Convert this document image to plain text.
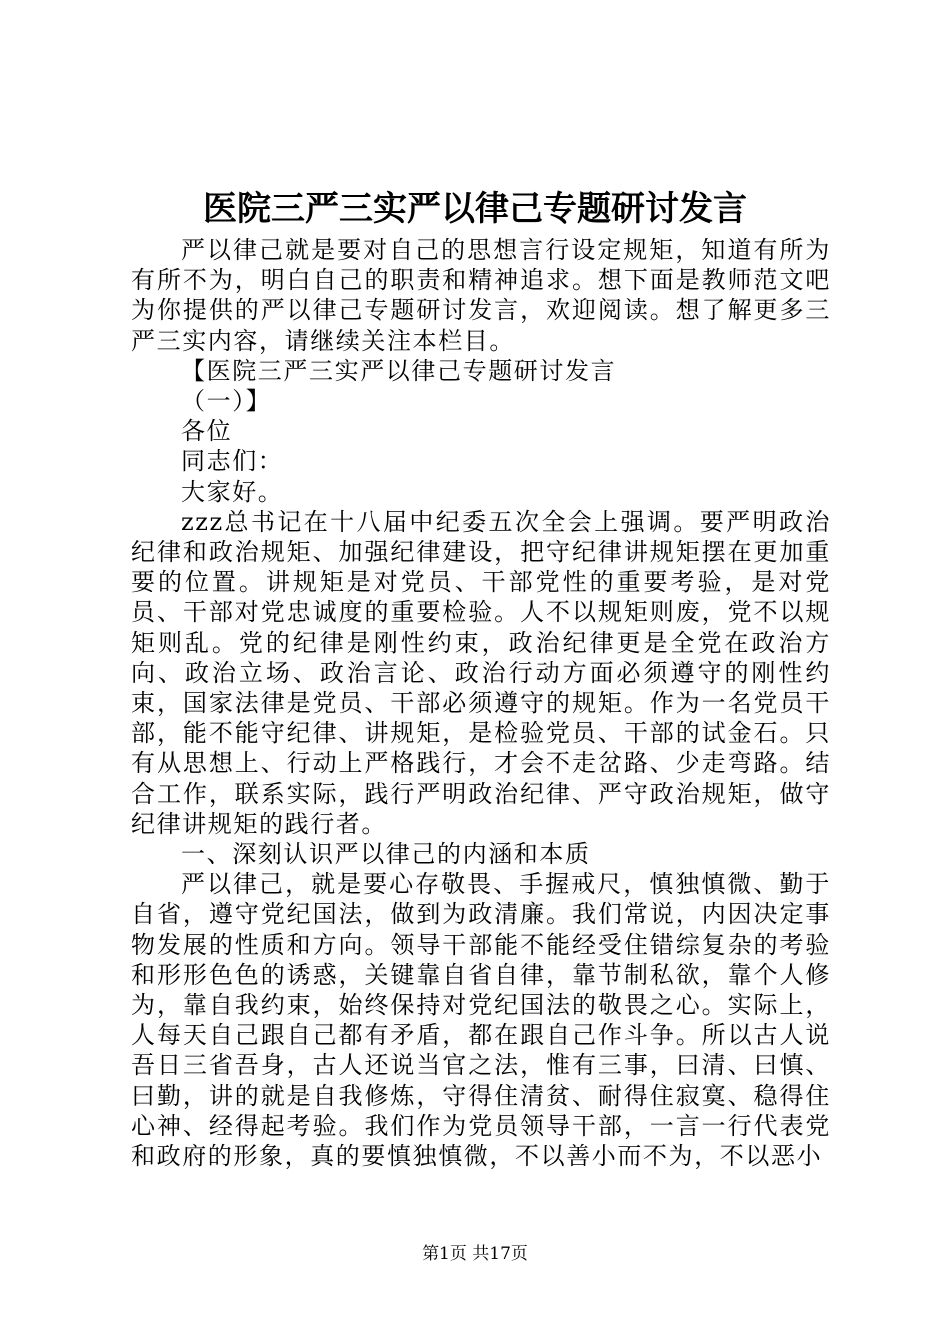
医院三严三实严以律己专题研讨发言

严以律己就是要对自己的思想言行设定规矩，知道有所为有所不为，明白自己的职责和精神追求。想下面是教师范文吧为你提供的严以律己专题研讨发言，欢迎阅读。想了解更多三严三实内容，请继续关注本栏目。

【医院三严三实严以律己专题研讨发言

（一）】

各位

同志们：

大家好。

zzz总书记在十八届中纪委五次全会上强调。要严明政治纪律和政治规矩、加强纪律建设，把守纪律讲规矩摆在更加重要的位置。讲规矩是对党员、干部党性的重要考验，是对党员、干部对党忠诚度的重要检验。人不以规矩则废，党不以规矩则乱。党的纪律是刚性约束，政治纪律更是全党在政治方向、政治立场、政治言论、政治行动方面必须遵守的刚性约束，国家法律是党员、干部必须遵守的规矩。作为一名党员干部，能不能守纪律、讲规矩，是检验党员、干部的试金石。只有从思想上、行动上严格践行，才会不走岔路、少走弯路。结合工作，联系实际，践行严明政治纪律、严守政治规矩，做守纪律讲规矩的践行者。

一、深刻认识严以律己的内涵和本质

严以律己，就是要心存敬畏、手握戒尺，慎独慎微、勤于自省，遵守党纪国法，做到为政清廉。我们常说，内因决定事物发展的性质和方向。领导干部能不能经受住错综复杂的考验和形形色色的诱惑，关键靠自省自律，靠节制私欲，靠个人修为，靠自我约束，始终保持对党纪国法的敬畏之心。实际上，人每天自己跟自己都有矛盾，都在跟自己作斗争。所以古人说吾日三省吾身，古人还说当官之法，惟有三事，曰清、曰慎、曰勤，讲的就是自我修炼，守得住清贫、耐得住寂寞、稳得住心神、经得起考验。我们作为党员领导干部，一言一行代表党和政府的形象，真的要慎独慎微，不以善小而不为，不以恶小

第1页 共17页
